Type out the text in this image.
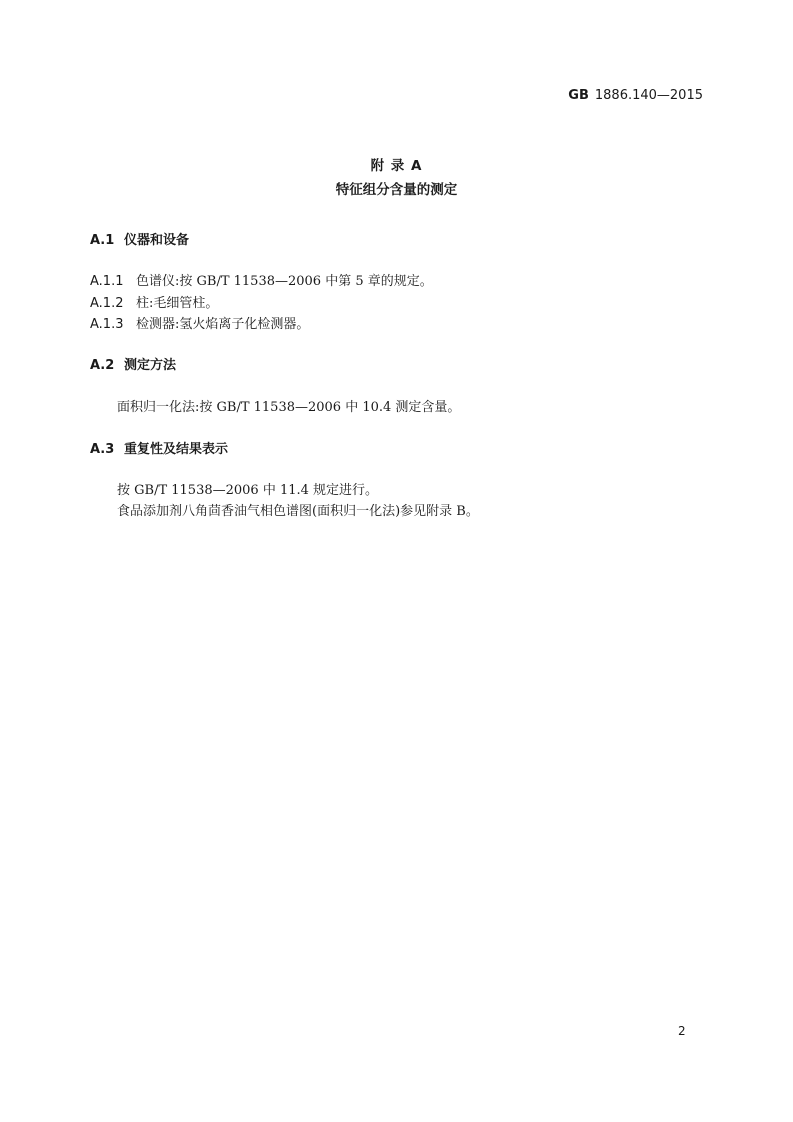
GB 1886.140—2015
附 录 A
特征组分含量的测定
A.1 仪器和设备
A.1.1 色谱仪:按 GB/T 11538—2006 中第 5 章的规定。
A.1.2 柱:毛细管柱。
A.1.3 检测器:氢火焰离子化检测器。
A.2 测定方法
面积归一化法:按 GB/T 11538—2006 中 10.4 测定含量。
A.3 重复性及结果表示
按 GB/T 11538—2006 中 11.4 规定进行。
食品添加剂八角茴香油气相色谱图(面积归一化法)参见附录 B。
2
